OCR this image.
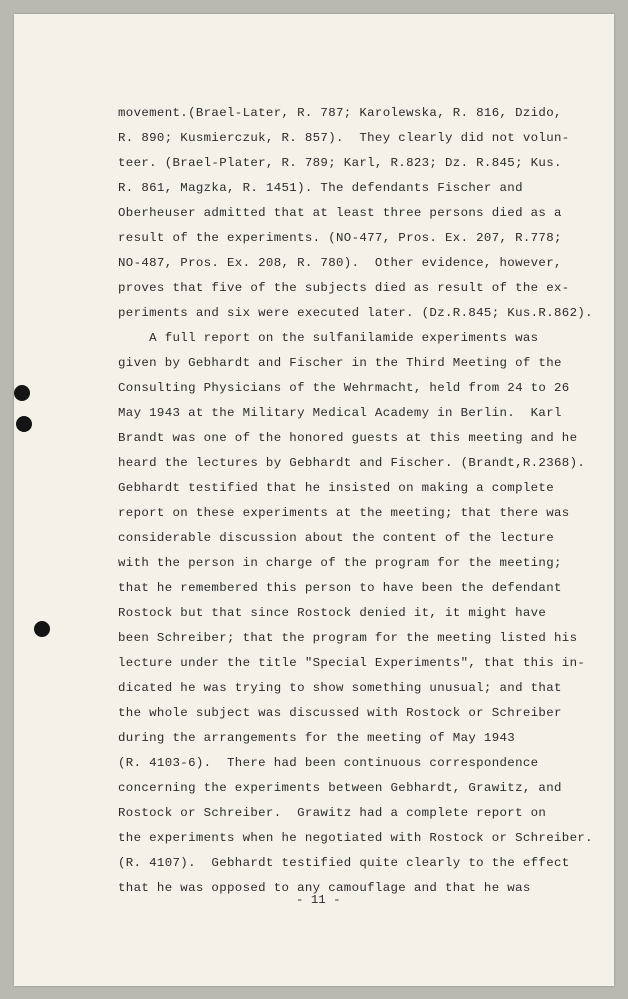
movement.(Brael-Later, R. 787; Karolewska, R. 816, Dzido,
R. 890; Kusmierczuk, R. 857).  They clearly did not volun-
teer. (Brael-Plater, R. 789; Karl, R.823; Dz. R.845; Kus.
R. 861, Magzka, R. 1451). The defendants Fischer and
Oberheuser admitted that at least three persons died as a
result of the experiments. (NO-477, Pros. Ex. 207, R.778;
NO-487, Pros. Ex. 208, R. 780).  Other evidence, however,
proves that five of the subjects died as result of the ex-
periments and six were executed later. (Dz.R.845; Kus.R.862).
A full report on the sulfanilamide experiments was
given by Gebhardt and Fischer in the Third Meeting of the
Consulting Physicians of the Wehrmacht, held from 24 to 26
May 1943 at the Military Medical Academy in Berlin.  Karl
Brandt was one of the honored guests at this meeting and he
heard the lectures by Gebhardt and Fischer. (Brandt,R.2368).
Gebhardt testified that he insisted on making a complete
report on these experiments at the meeting; that there was
considerable discussion about the content of the lecture
with the person in charge of the program for the meeting;
that he remembered this person to have been the defendant
Rostock but that since Rostock denied it, it might have
been Schreiber; that the program for the meeting listed his
lecture under the title "Special Experiments", that this in-
dicated he was trying to show something unusual; and that
the whole subject was discussed with Rostock or Schreiber
during the arrangements for the meeting of May 1943
(R. 4103-6).  There had been continuous correspondence
concerning the experiments between Gebhardt, Grawitz, and
Rostock or Schreiber.  Grawitz had a complete report on
the experiments when he negotiated with Rostock or Schreiber.
(R. 4107).  Gebhardt testified quite clearly to the effect
that he was opposed to any camouflage and that he was
- 11 -
